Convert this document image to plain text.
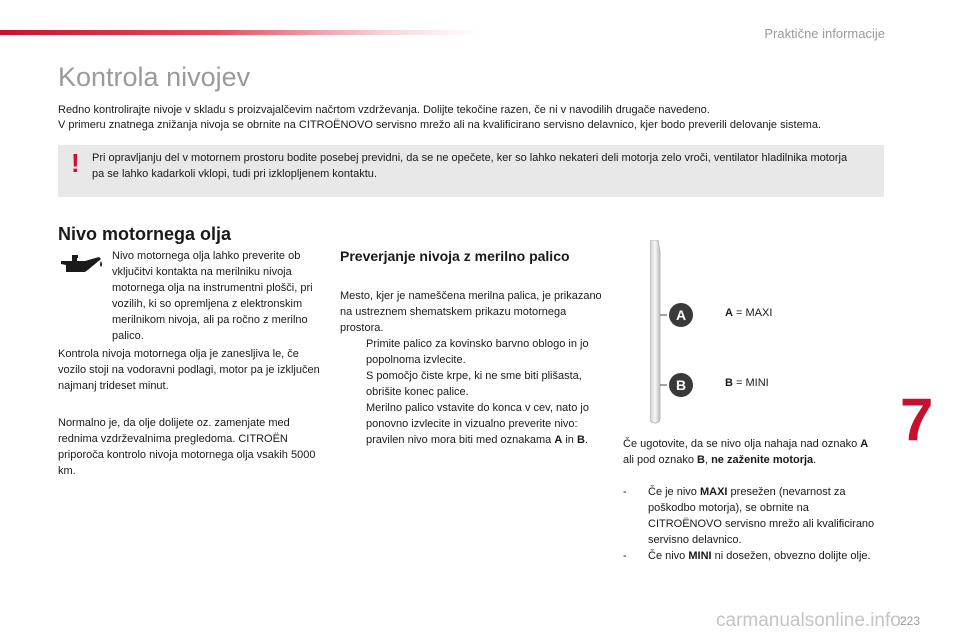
Praktične informacije
Kontrola nivojev

Redno kontrolirajte nivoje v skladu s proizvajalčevim načrtom vzdrževanja. Dolijte tekočine razen, če ni v navodilih drugače navedeno.

V primeru znatnega znižanja nivoja se obrnite na CITROËNOVO servisno mrežo ali na kvalificirano servisno delavnico, kjer bodo preverili delovanje sistema.

! Pri opravljanju del v motornem prostoru bodite posebej previdni, da se ne opečete, ker so lahko nekateri deli motorja zelo vroči, ventilator hladilnika motorja pa se lahko kadarkoli vklopi, tudi pri izklopljenem kontaktu.
Nivo motornega olja
Nivo motornega olja lahko preverite ob vključitvi kontakta na merilniku nivoja motornega olja na instrumentni plošči, pri vozilih, ki so opremljena z elektronskim merilnikom nivoja, ali pa ročno z merilno palico.
Kontrola nivoja motornega olja je zanesljiva le, če vozilo stoji na vodoravni podlagi, motor pa je izključen najmanj trideset minut.
Normalno je, da olje dolijete oz. zamenjate med rednima vzdrževalnima pregledoma. CITROËN priporoča kontrolo nivoja motornega olja vsakih 5000 km.
Preverjanje nivoja z merilno palico
Mesto, kjer je nameščena merilna palica, je prikazano na ustreznem shematskem prikazu motornega prostora.
Primite palico za kovinsko barvno oblogo in jo popolnoma izvlecite.
S pomočjo čiste krpe, ki ne sme biti plišasta, obrišite konec palice.
Merilno palico vstavite do konca v cev, nato jo ponovno izvlecite in vizualno preverite nivo: pravilen nivo mora biti med oznakama A in B.
A
B
A = MAXI
B = MINI
Če ugotovite, da se nivo olja nahaja nad oznako A ali pod oznako B, ne zaženite motorja.
- Če je nivo MAXI presežen (nevarnost za poškodbo motorja), se obrnite na CITROËNOVO servisno mrežo ali kvalificirano servisno delavnico.
- Če nivo MINI ni dosežen, obvezno dolijte olje.
7
carmanualsonline.info 223
